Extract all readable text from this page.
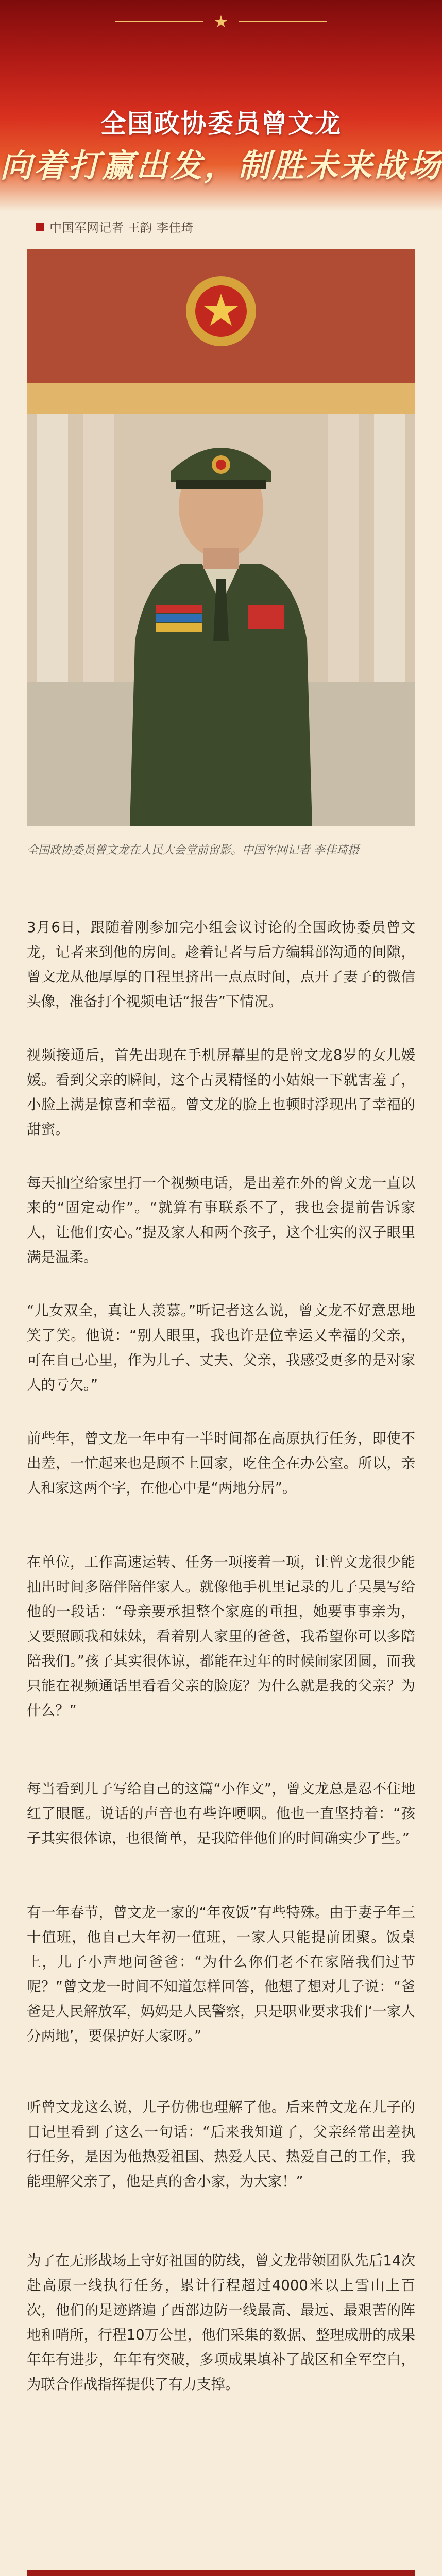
★
全国政协委员曾文龙
向着打赢出发，制胜未来战场
中国军网记者 王韵 李佳琦
全国政协委员曾文龙在人民大会堂前留影。中国军网记者 李佳琦摄

3月6日，跟随着刚参加完小组会议讨论的全国政协委员曾文龙，记者来到他的房间。趁着记者与后方编辑部沟通的间隙，曾文龙从他厚厚的日程里挤出一点点时间，点开了妻子的微信头像，准备打个视频电话“报告”下情况。

视频接通后，首先出现在手机屏幕里的是曾文龙8岁的女儿媛媛。看到父亲的瞬间，这个古灵精怪的小姑娘一下就害羞了，小脸上满是惊喜和幸福。曾文龙的脸上也顿时浮现出了幸福的甜蜜。

每天抽空给家里打一个视频电话，是出差在外的曾文龙一直以来的“固定动作”。“就算有事联系不了，我也会提前告诉家人，让他们安心。”提及家人和两个孩子，这个壮实的汉子眼里满是温柔。

“儿女双全，真让人羡慕。”听记者这么说，曾文龙不好意思地笑了笑。他说：“别人眼里，我也许是位幸运又幸福的父亲，可在自己心里，作为儿子、丈夫、父亲，我感受更多的是对家人的亏欠。”

前些年，曾文龙一年中有一半时间都在高原执行任务，即使不出差，一忙起来也是顾不上回家，吃住全在办公室。所以，亲人和家这两个字，在他心中是“两地分居”。

在单位，工作高速运转、任务一项接着一项，让曾文龙很少能抽出时间多陪伴陪伴家人。就像他手机里记录的儿子吴昊写给他的一段话：“母亲要承担整个家庭的重担，她要事事亲为，又要照顾我和妹妹，看着别人家里的爸爸，我希望你可以多陪陪我们。”孩子其实很体谅，都能在过年的时候闹家团圆，而我只能在视频通话里看看父亲的脸庞？为什么就是我的父亲？为什么？”

每当看到儿子写给自己的这篇“小作文”，曾文龙总是忍不住地红了眼眶。说话的声音也有些许哽咽。他也一直坚持着：“孩子其实很体谅，也很简单，是我陪伴他们的时间确实少了些。”

有一年春节，曾文龙一家的“年夜饭”有些特殊。由于妻子年三十值班，他自己大年初一值班，一家人只能提前团聚。饭桌上，儿子小声地问爸爸：“为什么你们老不在家陪我们过节呢？”曾文龙一时间不知道怎样回答，他想了想对儿子说：“爸爸是人民解放军，妈妈是人民警察，只是职业要求我们‘一家人分两地’，要保护好大家呀。”

听曾文龙这么说，儿子仿佛也理解了他。后来曾文龙在儿子的日记里看到了这么一句话：“后来我知道了，父亲经常出差执行任务，是因为他热爱祖国、热爱人民、热爱自己的工作，我能理解父亲了，他是真的舍小家，为大家！”

为了在无形战场上守好祖国的防线，曾文龙带领团队先后14次赴高原一线执行任务，累计行程超过4000米以上雪山上百次，他们的足迹踏遍了西部边防一线最高、最远、最艰苦的阵地和哨所，行程10万公里，他们采集的数据、整理成册的成果年年有进步，年年有突破，多项成果填补了战区和全军空白，为联合作战指挥提供了有力支撑。
